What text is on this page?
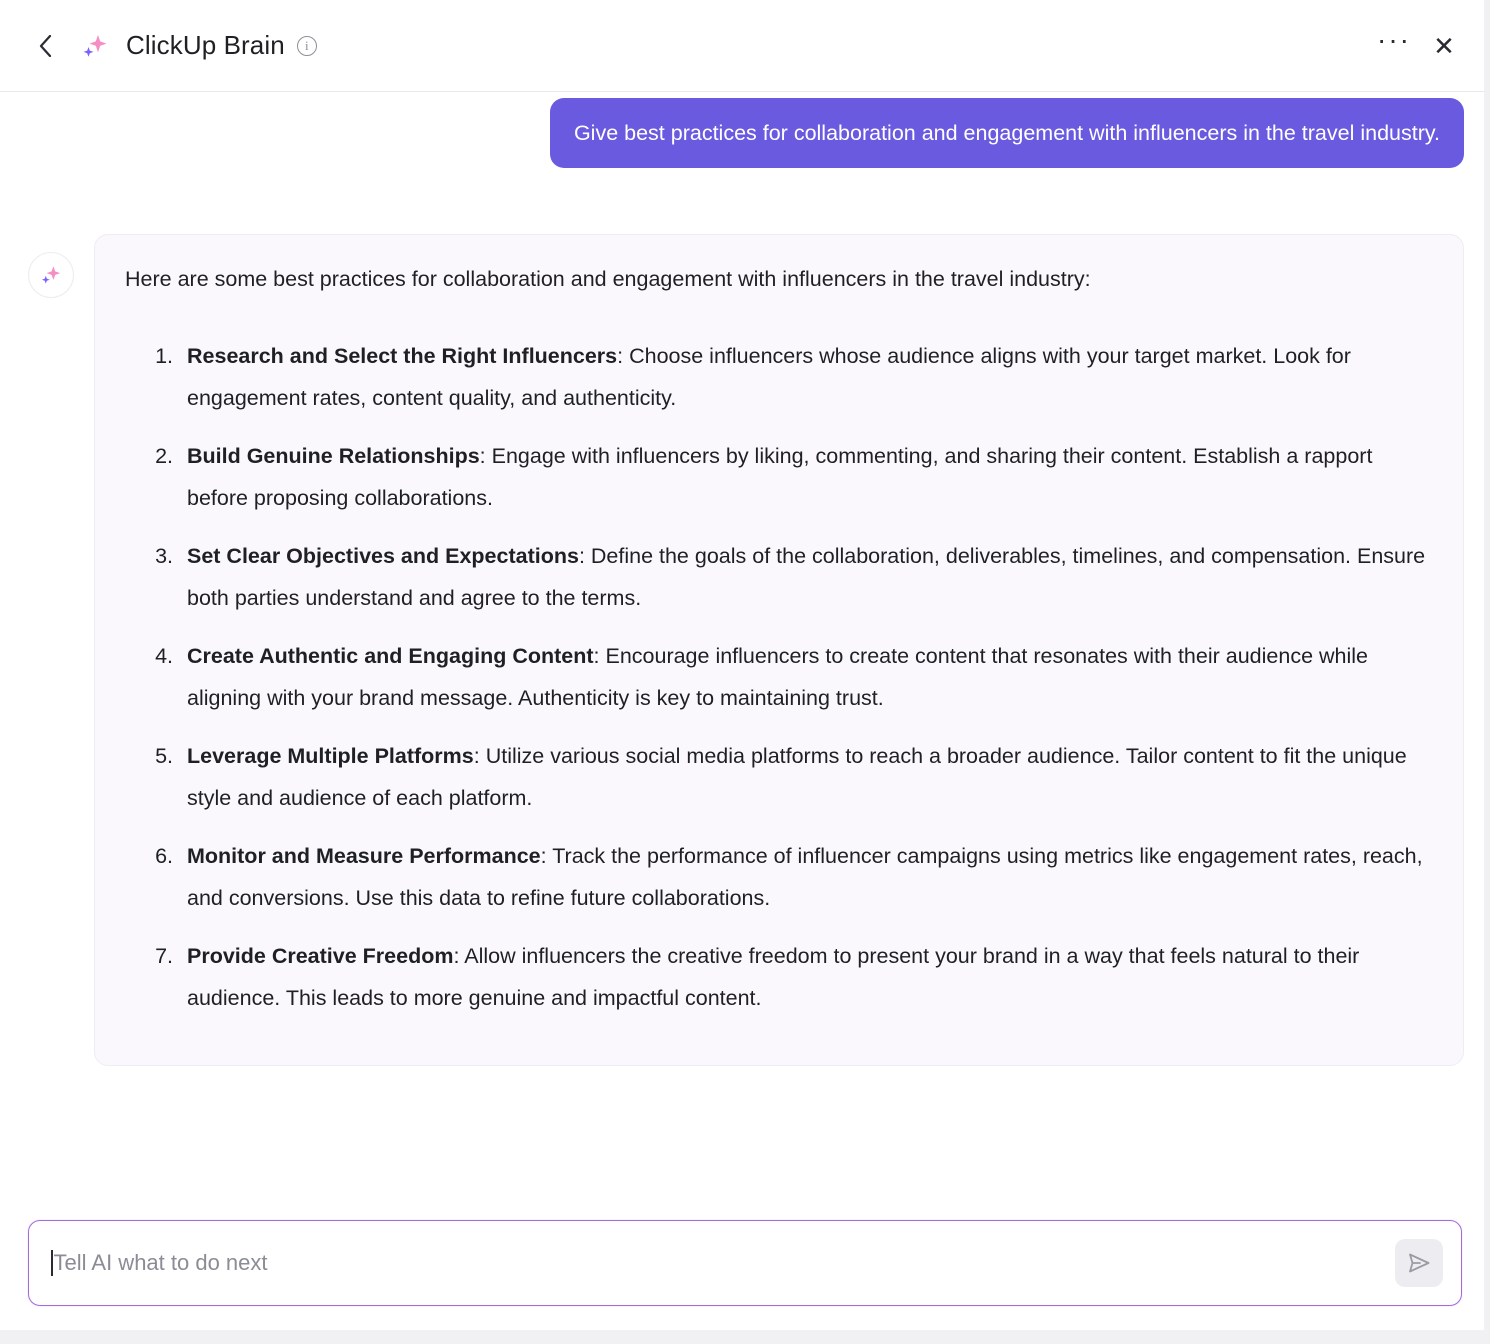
ClickUp Brain	i	··· ✕
Give best practices for collaboration and engagement with influencers in the travel industry.

Here are some best practices for collaboration and engagement with influencers in the travel industry:

1. Research and Select the Right Influencers: Choose influencers whose audience aligns with your target market. Look for engagement rates, content quality, and authenticity.
2. Build Genuine Relationships: Engage with influencers by liking, commenting, and sharing their content. Establish a rapport before proposing collaborations.
3. Set Clear Objectives and Expectations: Define the goals of the collaboration, deliverables, timelines, and compensation. Ensure both parties understand and agree to the terms.
4. Create Authentic and Engaging Content: Encourage influencers to create content that resonates with their audience while aligning with your brand message. Authenticity is key to maintaining trust.
5. Leverage Multiple Platforms: Utilize various social media platforms to reach a broader audience. Tailor content to fit the unique style and audience of each platform.
6. Monitor and Measure Performance: Track the performance of influencer campaigns using metrics like engagement rates, reach, and conversions. Use this data to refine future collaborations.
7. Provide Creative Freedom: Allow influencers the creative freedom to present your brand in a way that feels natural to their audience. This leads to more genuine and impactful content.
Tell AI what to do next
